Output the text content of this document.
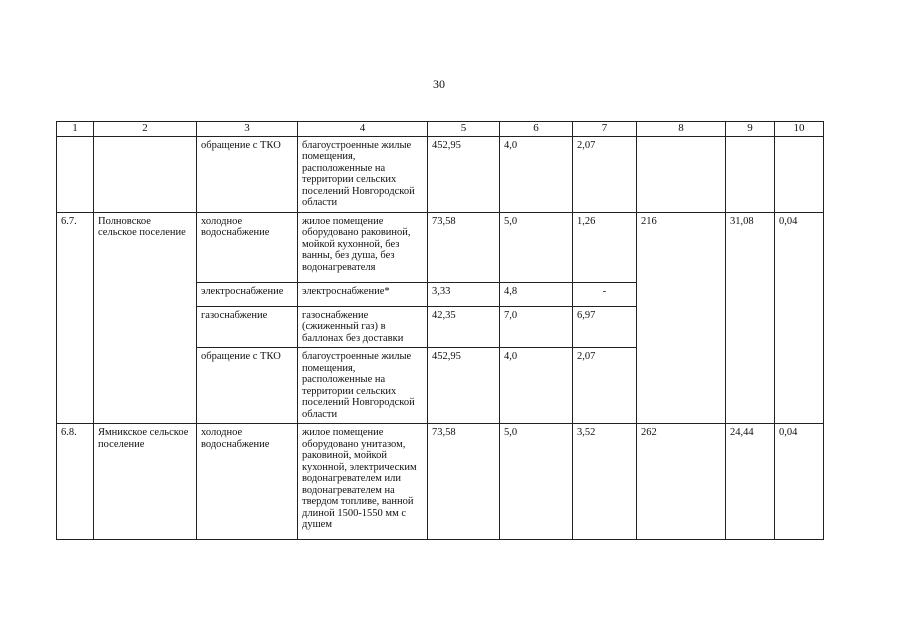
30
1	2	3	4	5	6	7	8	9	10
		обращение с ТКО	благоустроенные жилые помещения, расположенные на территории сельских поселений Новгородской области	452,95	4,0	2,07			
6.7.	Полновское сельское поселение	холодное водоснабжение	жилое помещение оборудовано раковиной, мойкой кухонной, без ванны, без душа, без водонагревателя	73,58	5,0	1,26	216	31,08	0,04
		электроснабжение	электроснабжение*	3,33	4,8	-			
		газоснабжение	газоснабжение (сжиженный газ) в баллонах без доставки	42,35	7,0	6,97			
		обращение с ТКО	благоустроенные жилые помещения, расположенные на территории сельских поселений Новгородской области	452,95	4,0	2,07			
6.8.	Ямникское сельское поселение	холодное водоснабжение	жилое помещение оборудовано унитазом, раковиной, мойкой кухонной, электрическим водонагревателем или водонагревателем на твердом топливе, ванной длиной 1500-1550 мм с душем	73,58	5,0	3,52	262	24,44	0,04
